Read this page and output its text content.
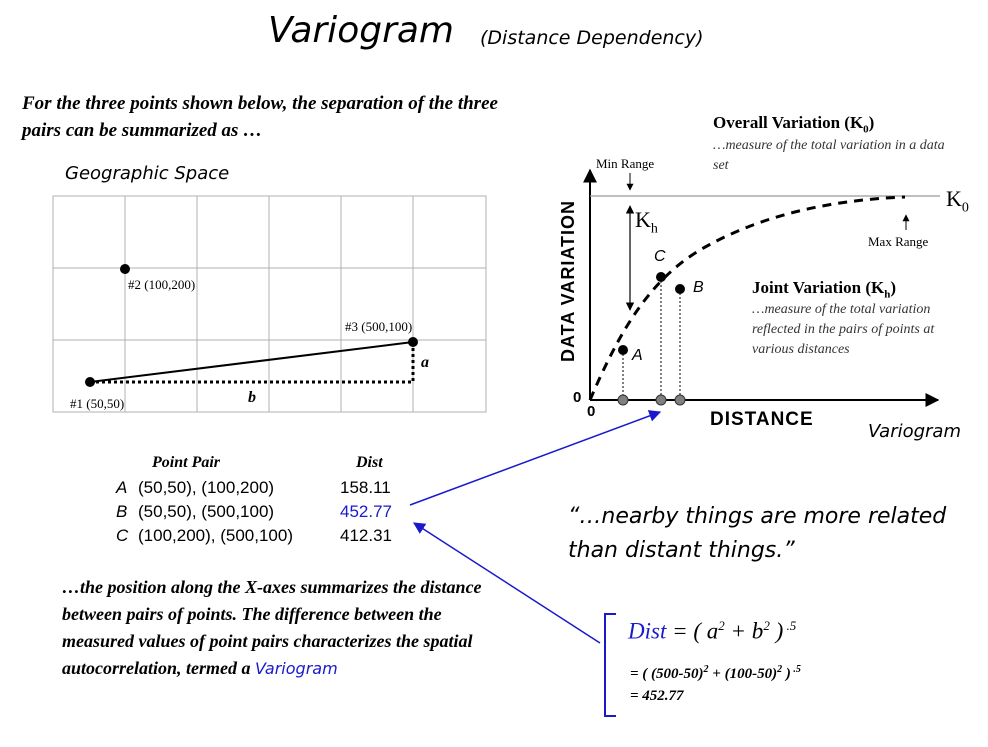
Variogram (Distance Dependency)
For the three points shown below, the separation of the three pairs can be summarized as …
Geographic Space
DATA VARIATION
#1 (50,50)
#2 (100,200)
#3 (500,100)
a
b
Point Pair	Dist
A (50,50), (100,200)	158.11
B (50,50), (500,100)	452.77
C (100,200), (500,100)	412.31
…the position along the X-axes summarizes the distance between pairs of points. The difference between the measured values of point pairs characterizes the spatial autocorrelation, termed a Variogram
“…nearby things are more related than distant things.”
Dist = ( $a^2 + b^2$ ) $^{.5}$
= ( $(500-50)^2 + (100-50)^2$ ) $^{.5}$
= 452.77
Overall Variation $(K_0)$
…measure of the total variation in a data set
Joint Variation $(K_h)$
…measure of the total variation reflected in the pairs of points at various distances
Min Range
Max Range
DISTANCE
Variogram
$K_0$
$K_h$
A
C
B
0
0
